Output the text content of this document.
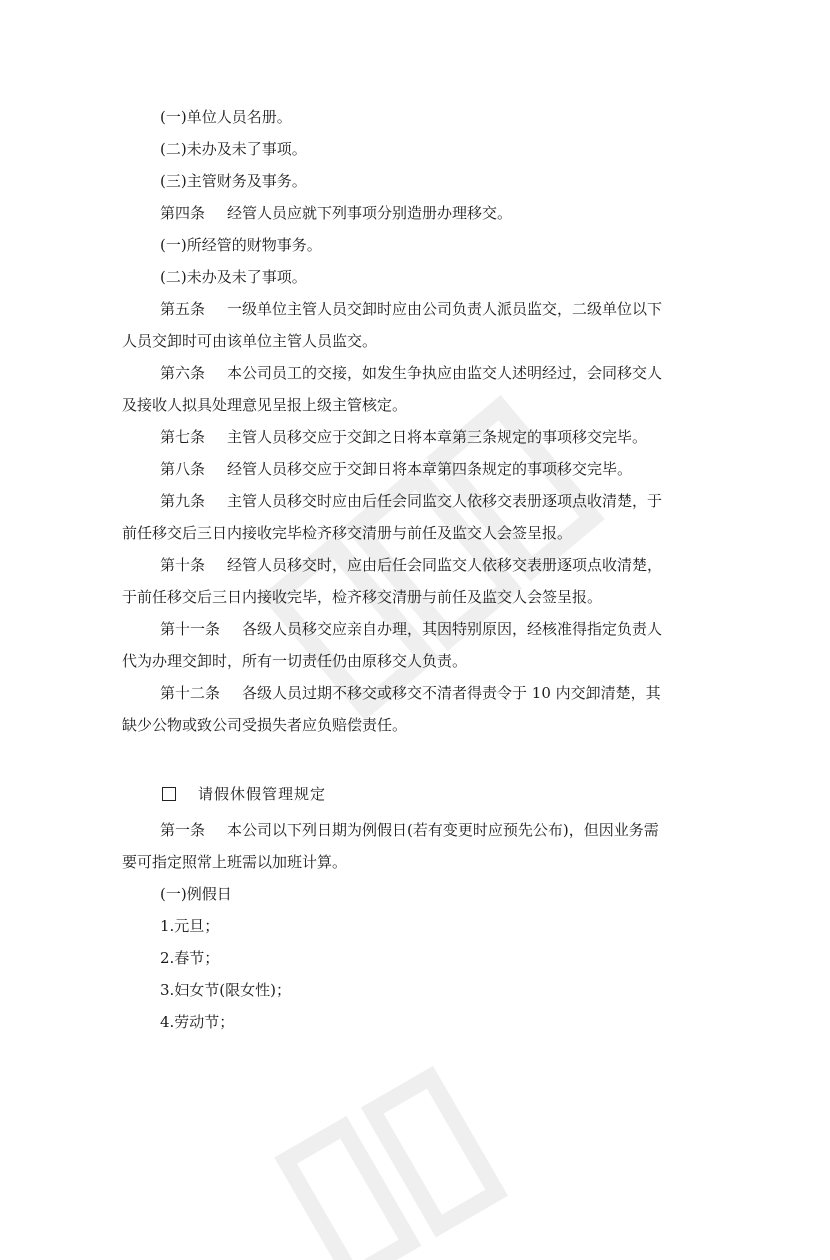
(一)单位人员名册。

(二)未办及未了事项。

(三)主管财务及事务。

第四条 经管人员应就下列事项分别造册办理移交。

(一)所经管的财物事务。

(二)未办及未了事项。

第五条 一级单位主管人员交卸时应由公司负责人派员监交，二级单位以下

人员交卸时可由该单位主管人员监交。

第六条 本公司员工的交接，如发生争执应由监交人述明经过，会同移交人

及接收人拟具处理意见呈报上级主管核定。

第七条 主管人员移交应于交卸之日将本章第三条规定的事项移交完毕。

第八条 经管人员移交应于交卸日将本章第四条规定的事项移交完毕。

第九条 主管人员移交时应由后任会同监交人依移交表册逐项点收清楚，于

前任移交后三日内接收完毕检齐移交清册与前任及监交人会签呈报。

第十条 经管人员移交时，应由后任会同监交人依移交表册逐项点收清楚，

于前任移交后三日内接收完毕，检齐移交清册与前任及监交人会签呈报。

第十一条 各级人员移交应亲自办理，其因特别原因，经核准得指定负责人

代为办理交卸时，所有一切责任仍由原移交人负责。

第十二条 各级人员过期不移交或移交不清者得责令于 10 内交卸清楚，其

缺少公物或致公司受损失者应负赔偿责任。

请假休假管理规定

第一条 本公司以下列日期为例假日(若有变更时应预先公布)，但因业务需

要可指定照常上班需以加班计算。

(一)例假日

1.元旦；

2.春节；

3.妇女节(限女性)；

4.劳动节；
